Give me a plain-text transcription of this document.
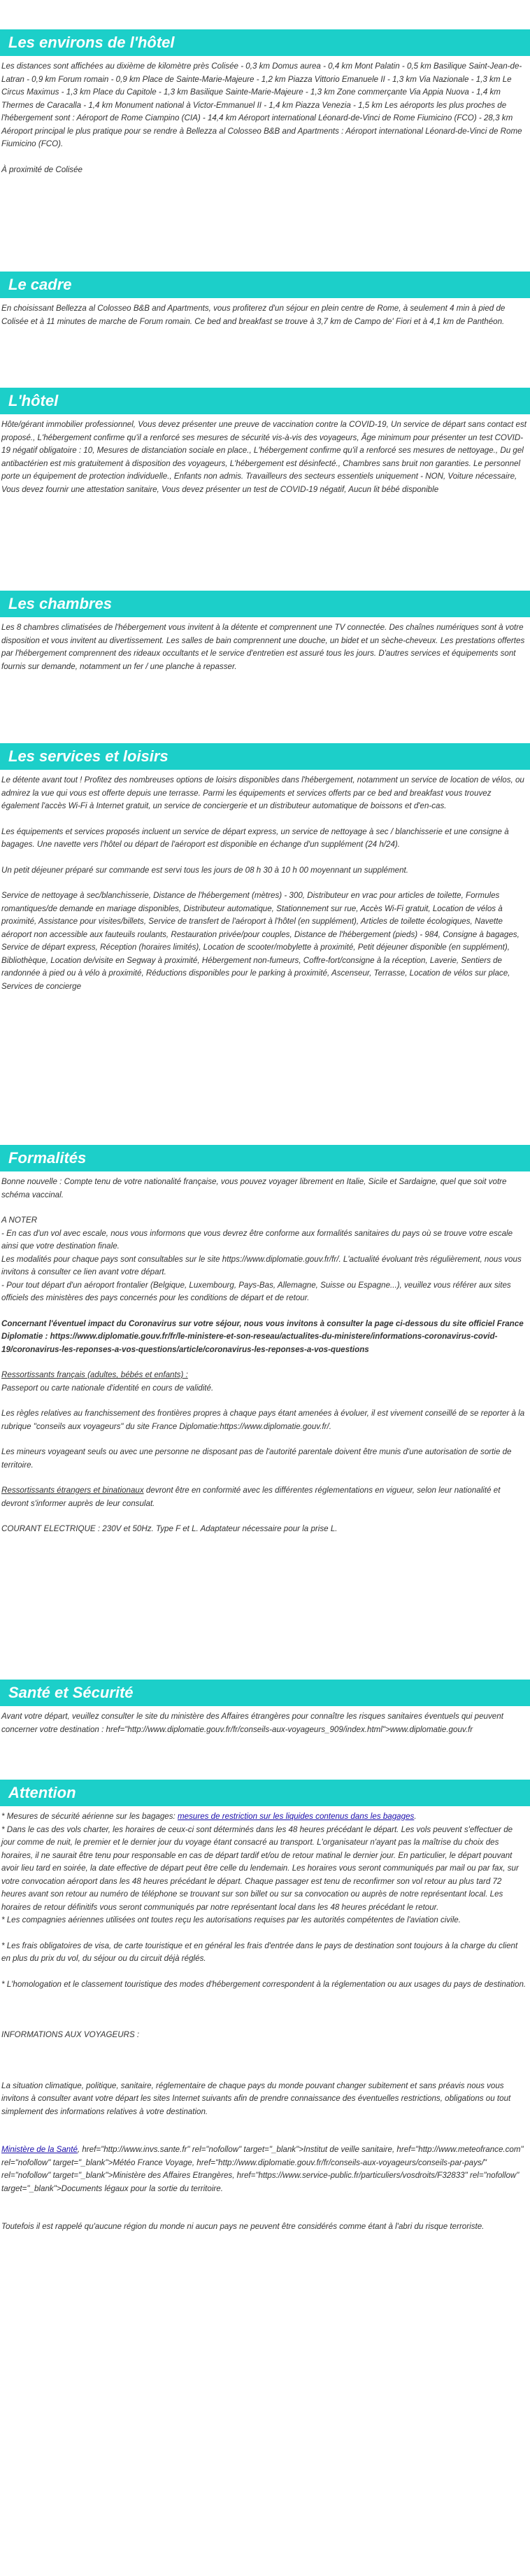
Les environs de l'hôtel

Les distances sont affichées au dixième de kilomètre près Colisée - 0,3 km Domus aurea - 0,4 km Mont Palatin - 0,5 km Basilique Saint-Jean-de-Latran - 0,9 km Forum romain - 0,9 km Place de Sainte-Marie-Majeure - 1,2 km Piazza Vittorio Emanuele II - 1,3 km Via Nazionale - 1,3 km Le Circus Maximus - 1,3 km Place du Capitole - 1,3 km Basilique Sainte-Marie-Majeure - 1,3 km Zone commerçante Via Appia Nuova - 1,4 km Thermes de Caracalla - 1,4 km Monument national à Victor-Emmanuel II - 1,4 km Piazza Venezia - 1,5 km Les aéroports les plus proches de l'hébergement sont : Aéroport de Rome Ciampino (CIA) - 14,4 km Aéroport international Léonard-de-Vinci de Rome Fiumicino (FCO) - 28,3 km Aéroport principal le plus pratique pour se rendre à Bellezza al Colosseo B&B and Apartments : Aéroport international Léonard-de-Vinci de Rome Fiumicino (FCO).

À proximité de Colisée

Le cadre

En choisissant Bellezza al Colosseo B&B and Apartments, vous profiterez d'un séjour en plein centre de Rome, à seulement 4 min à pied de Colisée et à 11 minutes de marche de Forum romain. Ce bed and breakfast se trouve à 3,7 km de Campo de' Fiori et à 4,1 km de Panthéon.

L'hôtel

Hôte/gérant immobilier professionnel, Vous devez présenter une preuve de vaccination contre la COVID-19, Un service de départ sans contact est proposé., L'hébergement confirme qu'il a renforcé ses mesures de sécurité vis-à-vis des voyageurs, Âge minimum pour présenter un test COVID-19 négatif obligatoire : 10, Mesures de distanciation sociale en place., L'hébergement confirme qu'il a renforcé ses mesures de nettoyage., Du gel antibactérien est mis gratuitement à disposition des voyageurs, L'hébergement est désinfecté., Chambres sans bruit non garanties. Le personnel porte un équipement de protection individuelle., Enfants non admis. Travailleurs des secteurs essentiels uniquement - NON, Voiture nécessaire, Vous devez fournir une attestation sanitaire, Vous devez présenter un test de COVID-19 négatif, Aucun lit bébé disponible

Les chambres

Les 8 chambres climatisées de l'hébergement vous invitent à la détente et comprennent une TV connectée. Des chaînes numériques sont à votre disposition et vous invitent au divertissement. Les salles de bain comprennent une douche, un bidet et un sèche-cheveux. Les prestations offertes par l'hébergement comprennent des rideaux occultants et le service d'entretien est assuré tous les jours. D'autres services et équipements sont fournis sur demande, notamment un fer / une planche à repasser.

Les services et loisirs

Le détente avant tout ! Profitez des nombreuses options de loisirs disponibles dans l'hébergement, notamment un service de location de vélos, ou admirez la vue qui vous est offerte depuis une terrasse. Parmi les équipements et services offerts par ce bed and breakfast vous trouvez également l'accès Wi-Fi à Internet gratuit, un service de conciergerie et un distributeur automatique de boissons et d'en-cas.

Les équipements et services proposés incluent un service de départ express, un service de nettoyage à sec / blanchisserie et une consigne à bagages. Une navette vers l'hôtel ou départ de l'aéroport est disponible en échange d'un supplément (24 h/24).

Un petit déjeuner préparé sur commande est servi tous les jours de 08 h 30 à 10 h 00 moyennant un supplément.

Service de nettoyage à sec/blanchisserie, Distance de l'hébergement (mètres) - 300, Distributeur en vrac pour articles de toilette, Formules romantiques/de demande en mariage disponibles, Distributeur automatique, Stationnement sur rue, Accès Wi-Fi gratuit, Location de vélos à proximité, Assistance pour visites/billets, Service de transfert de l'aéroport à l'hôtel (en supplément), Articles de toilette écologiques, Navette aéroport non accessible aux fauteuils roulants, Restauration privée/pour couples, Distance de l'hébergement (pieds) - 984, Consigne à bagages, Service de départ express, Réception (horaires limités), Location de scooter/mobylette à proximité, Petit déjeuner disponible (en supplément), Bibliothèque, Location de/visite en Segway à proximité, Hébergement non-fumeurs, Coffre-fort/consigne à la réception, Laverie, Sentiers de randonnée à pied ou à vélo à proximité, Réductions disponibles pour le parking à proximité, Ascenseur, Terrasse, Location de vélos sur place, Services de concierge

Formalités

Bonne nouvelle : Compte tenu de votre nationalité française, vous pouvez voyager librement en Italie, Sicile et Sardaigne, quel que soit votre schéma vaccinal.

A NOTER

- En cas d'un vol avec escale, nous vous informons que vous devrez être conforme aux formalités sanitaires du pays où se trouve votre escale ainsi que votre destination finale.

Les modalités pour chaque pays sont consultables sur le site https://www.diplomatie.gouv.fr/fr/. L'actualité évoluant très régulièrement, nous vous invitons à consulter ce lien avant votre départ.

- Pour tout départ d'un aéroport frontalier (Belgique, Luxembourg, Pays-Bas, Allemagne, Suisse ou Espagne...), veuillez vous référer aux sites officiels des ministères des pays concernés pour les conditions de départ et de retour.

Concernant l'éventuel impact du Coronavirus sur votre séjour, nous vous invitons à consulter la page ci-dessous du site officiel France Diplomatie : https://www.diplomatie.gouv.fr/fr/le-ministere-et-son-reseau/actualites-du-ministere/informations-coronavirus-covid-19/coronavirus-les-reponses-a-vos-questions/article/coronavirus-les-reponses-a-vos-questions

Ressortissants français (adultes, bébés et enfants) :

Passeport ou carte nationale d'identité en cours de validité.

Les règles relatives au franchissement des frontières propres à chaque pays étant amenées à évoluer, il est vivement conseillé de se reporter à la rubrique "conseils aux voyageurs" du site France Diplomatie:https://www.diplomatie.gouv.fr/.

Les mineurs voyageant seuls ou avec une personne ne disposant pas de l'autorité parentale doivent être munis d'une autorisation de sortie de territoire.

Ressortissants étrangers et binationaux devront être en conformité avec les différentes réglementations en vigueur, selon leur nationalité et devront s'informer auprès de leur consulat.

COURANT ELECTRIQUE : 230V et 50Hz. Type F et L. Adaptateur nécessaire pour la prise L.

Santé et Sécurité

Avant votre départ, veuillez consulter le site du ministère des Affaires étrangères pour connaître les risques sanitaires éventuels qui peuvent concerner votre destination : href="http://www.diplomatie.gouv.fr/fr/conseils-aux-voyageurs_909/index.html">www.diplomatie.gouv.fr

Attention

* Mesures de sécurité aérienne sur les bagages: mesures de restriction sur les liquides contenus dans les bagages.

* Dans le cas des vols charter, les horaires de ceux-ci sont déterminés dans les 48 heures précédant le départ. Les vols peuvent s'effectuer de jour comme de nuit, le premier et le dernier jour du voyage étant consacré au transport. L'organisateur n'ayant pas la maîtrise du choix des horaires, il ne saurait être tenu pour responsable en cas de départ tardif et/ou de retour matinal le dernier jour. En particulier, le départ pouvant avoir lieu tard en soirée, la date effective de départ peut être celle du lendemain. Les horaires vous seront communiqués par mail ou par fax, sur votre convocation aéroport dans les 48 heures précédant le départ. Chaque passager est tenu de reconfirmer son vol retour au plus tard 72 heures avant son retour au numéro de téléphone se trouvant sur son billet ou sur sa convocation ou auprès de notre représentant local. Les horaires de retour définitifs vous seront communiqués par notre représentant local dans les 48 heures précédant le retour.

* Les compagnies aériennes utilisées ont toutes reçu les autorisations requises par les autorités compétentes de l'aviation civile.

* Les frais obligatoires de visa, de carte touristique et en général les frais d'entrée dans le pays de destination sont toujours à la charge du client en plus du prix du vol, du séjour ou du circuit déjà réglés.

* L'homologation et le classement touristique des modes d'hébergement correspondent à la réglementation ou aux usages du pays de destination.

INFORMATIONS AUX VOYAGEURS :

La situation climatique, politique, sanitaire, réglementaire de chaque pays du monde pouvant changer subitement et sans préavis nous vous invitons à consulter avant votre départ les sites Internet suivants afin de prendre connaissance des éventuelles restrictions, obligations ou tout simplement des informations relatives à votre destination.

Ministère de la Santé, href="http://www.invs.sante.fr" rel="nofollow" target="_blank">Institut de veille sanitaire, href="http://www.meteofrance.com" rel="nofollow" target="_blank">Météo France Voyage, href="http://www.diplomatie.gouv.fr/fr/conseils-aux-voyageurs/conseils-par-pays/" rel="nofollow" target="_blank">Ministère des Affaires Etrangères, href="https://www.service-public.fr/particuliers/vosdroits/F32833" rel="nofollow" target="_blank">Documents légaux pour la sortie du territoire.

Toutefois il est rappelé qu'aucune région du monde ni aucun pays ne peuvent être considérés comme étant à l'abri du risque terroriste.
